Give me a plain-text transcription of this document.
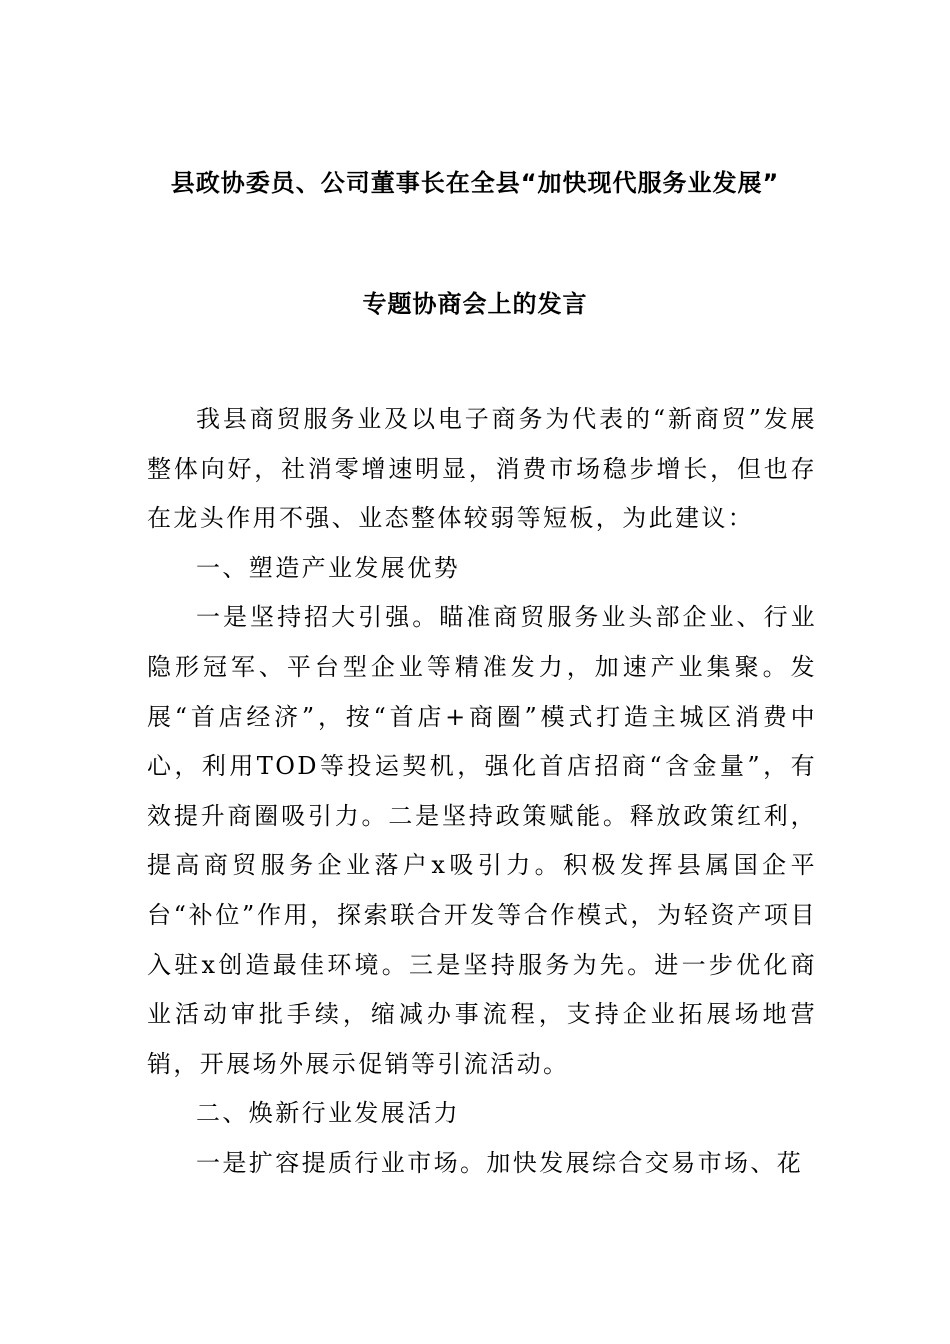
县政协委员、公司董事长在全县“加快现代服务业发展”
专题协商会上的发言

我县商贸服务业及以电子商务为代表的“新商贸”发展整体向好，社消零增速明显，消费市场稳步增长，但也存在龙头作用不强、业态整体较弱等短板，为此建议：

一、塑造产业发展优势

一是坚持招大引强。瞄准商贸服务业头部企业、行业隐形冠军、平台型企业等精准发力，加速产业集聚。发展“首店经济”，按“首店+商圈”模式打造主城区消费中心，利用TOD等投运契机，强化首店招商“含金量”，有效提升商圈吸引力。二是坚持政策赋能。释放政策红利，提高商贸服务企业落户x吸引力。积极发挥县属国企平台“补位”作用，探索联合开发等合作模式，为轻资产项目入驻x创造最佳环境。三是坚持服务为先。进一步优化商业活动审批手续，缩减办事流程，支持企业拓展场地营销，开展场外展示促销等引流活动。

二、焕新行业发展活力

一是扩容提质行业市场。加快发展综合交易市场、花
